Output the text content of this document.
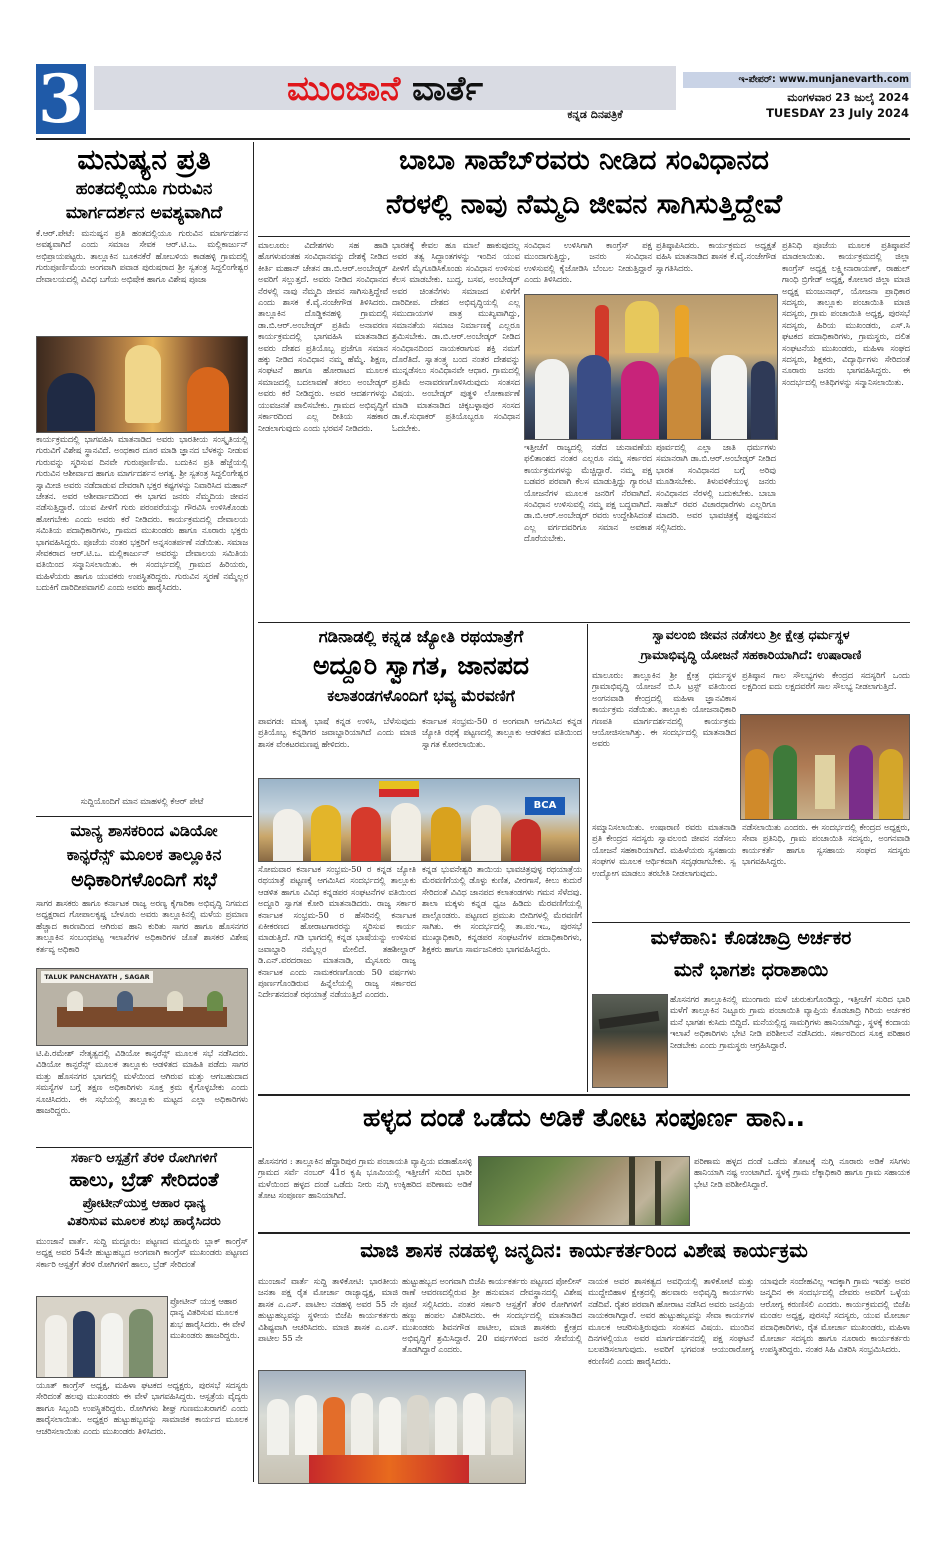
3	ಮುಂಜಾನೆ ವಾರ್ತೆ
ಕನ್ನಡ ದಿನಪತ್ರಿಕೆ
ಇ-ಪೇಪರ್: www.munjanevarth.com
ಮಂಗಳವಾರ 23 ಜುಲೈ 2024
TUESDAY 23 July 2024
ಮನುಷ್ಯನ ಪ್ರತಿ
ಹಂತದಲ್ಲಿಯೂ ಗುರುವಿನ
ಮಾರ್ಗದರ್ಶನ ಅವಶ್ಯವಾಗಿದೆ
ಕೆ.ಆರ್.ಪೇಟೆ: ಮನುಷ್ಯನ ಪ್ರತಿ ಹಂತದಲ್ಲಿಯೂ ಗುರುವಿನ ಮಾರ್ಗದರ್ಶನ ಅವಶ್ಯವಾಗಿದೆ ಎಂದು ಸಮಾಜ ಸೇವಕ ಆರ್.ಟಿ.ಒ. ಮಲ್ಲಿಕಾರ್ಜುನ್ ಅಭಿಪ್ರಾಯಪಟ್ಟರು. ತಾಲ್ಲೂಕಿನ ಬೂಕನಕೆರೆ ಹೋಬಳಿಯ ಕಾಡಹಳ್ಳಿ ಗ್ರಾಮದಲ್ಲಿ ಗುರುಪೂರ್ಣಿಮೆಯ ಅಂಗವಾಗಿ ಪವಾಡ ಪುರುಷರಾದ ಶ್ರೀ ಸ್ವತಂತ್ರ ಸಿದ್ದಲಿಂಗೇಶ್ವರ ದೇವಾಲಯದಲ್ಲಿ ವಿವಿಧ ಬಗೆಯ ಅಭಿಷೇಕ ಹಾಗೂ ವಿಶೇಷ ಪೂಜಾ
ಕಾರ್ಯಕ್ರಮದಲ್ಲಿ ಭಾಗವಹಿಸಿ ಮಾತನಾಡಿದ ಅವರು ಭಾರತೀಯ ಸಂಸ್ಕೃತಿಯಲ್ಲಿ ಗುರುವಿಗೆ ವಿಶೇಷ ಸ್ಥಾನವಿದೆ. ಅಂಧಕಾರ ದೂರ ಮಾಡಿ ಜ್ಞಾನದ ಬೆಳಕನ್ನು ನೀಡುವ ಗುರುವನ್ನು ಸ್ಮರಿಸುವ ದಿನವೇ ಗುರುಪೂರ್ಣಿಮೆ. ಬದುಕಿನ ಪ್ರತಿ ಹೆಜ್ಜೆಯಲ್ಲಿ ಗುರುವಿನ ಆಶೀರ್ವಾದ ಹಾಗೂ ಮಾರ್ಗದರ್ಶನ ಅಗತ್ಯ. ಶ್ರೀ ಸ್ವತಂತ್ರ ಸಿದ್ದಲಿಂಗೇಶ್ವರ ಸ್ವಾಮೀಜಿ ಅವರು ನಡೆದಾಡುವ ದೇವರಾಗಿ ಭಕ್ತರ ಕಷ್ಟಗಳನ್ನು ನಿವಾರಿಸಿದ ಮಹಾನ್ ಚೇತನ. ಅವರ ಆಶೀರ್ವಾದದಿಂದ ಈ ಭಾಗದ ಜನರು ನೆಮ್ಮದಿಯ ಜೀವನ ನಡೆಸುತ್ತಿದ್ದಾರೆ. ಯುವ ಪೀಳಿಗೆ ಗುರು ಪರಂಪರೆಯನ್ನು ಗೌರವಿಸಿ ಉಳಿಸಿಕೊಂಡು ಹೋಗಬೇಕು ಎಂದು ಅವರು ಕರೆ ನೀಡಿದರು. ಕಾರ್ಯಕ್ರಮದಲ್ಲಿ ದೇವಾಲಯ ಸಮಿತಿಯ ಪದಾಧಿಕಾರಿಗಳು, ಗ್ರಾಮದ ಮುಖಂಡರು ಹಾಗೂ ನೂರಾರು ಭಕ್ತರು ಭಾಗವಹಿಸಿದ್ದರು. ಪೂಜೆಯ ನಂತರ ಭಕ್ತರಿಗೆ ಅನ್ನಸಂತರ್ಪಣೆ ನಡೆಯಿತು. ಸಮಾಜ ಸೇವಕರಾದ ಆರ್.ಟಿ.ಒ. ಮಲ್ಲಿಕಾರ್ಜುನ್ ಅವರನ್ನು ದೇವಾಲಯ ಸಮಿತಿಯ ವತಿಯಿಂದ ಸನ್ಮಾನಿಸಲಾಯಿತು. ಈ ಸಂದರ್ಭದಲ್ಲಿ ಗ್ರಾಮದ ಹಿರಿಯರು, ಮಹಿಳೆಯರು ಹಾಗೂ ಯುವಕರು ಉಪಸ್ಥಿತರಿದ್ದರು. ಗುರುವಿನ ಸ್ಮರಣೆ ನಮ್ಮೆಲ್ಲರ ಬದುಕಿಗೆ ದಾರಿದೀಪವಾಗಲಿ ಎಂದು ಅವರು ಹಾರೈಸಿದರು.
ಸುದ್ದಿಯೊಂದಿಗೆ ಮಾನ ಮಾಹಳಲ್ಲಿ ಕೆಆರ್ ಪೇಟೆ
ಮಾನ್ಯ ಶಾಸಕರಿಂದ ವಿಡಿಯೋ
ಕಾನ್ಫರೆನ್ಸ್ ಮೂಲಕ ತಾಲ್ಲೂಕಿನ
ಅಧಿಕಾರಿಗಳೊಂದಿಗೆ ಸಭೆ
ಸಾಗರ ಶಾಸಕರು ಹಾಗೂ ಕರ್ನಾಟಕ ರಾಜ್ಯ ಅರಣ್ಯ ಕೈಗಾರಿಕಾ ಅಭಿವೃದ್ಧಿ ನಿಗಮದ ಅಧ್ಯಕ್ಷರಾದ ಗೋಪಾಲಕೃಷ್ಣ ಬೇಳೂರು ಅವರು ತಾಲ್ಲೂಕಿನಲ್ಲಿ ಮಳೆಯ ಪ್ರಮಾಣ ಹೆಚ್ಚಾದ ಕಾರಣದಿಂದ ಆಗಿರುವ ಹಾನಿ ಕುರಿತು ಸಾಗರ ಹಾಗೂ ಹೊಸನಗರ ತಾಲ್ಲೂಕಿನ ಸಂಬಂಧಪಟ್ಟ ಇಲಾಖೆಗಳ ಅಧಿಕಾರಿಗಳ ಜೊತೆ ಶಾಸಕರ ವಿಶೇಷ ಕರ್ತವ್ಯ ಅಧಿಕಾರಿ
TALUK PANCHAYATH , SAGAR
ಟಿ.ಪಿ.ರಮೇಶ್ ನೇತೃತ್ವದಲ್ಲಿ ವಿಡಿಯೋ ಕಾನ್ಫರೆನ್ಸ್ ಮೂಲಕ ಸಭೆ ನಡೆಸಿದರು. ವಿಡಿಯೋ ಕಾನ್ಫರೆನ್ಸ್ ಮೂಲಕ ತಾಲ್ಲೂಕು ಆಡಳಿತದ ಮಾಹಿತಿ ಪಡೆದು ಸಾಗರ ಮತ್ತು ಹೊಸನಗರ ಭಾಗದಲ್ಲಿ ಮಳೆಯಿಂದ ಆಗಿರುವ ಮತ್ತು ಆಗಬಹುದಾದ ಸಮಸ್ಯೆಗಳ ಬಗ್ಗೆ ತಕ್ಷಣ ಅಧಿಕಾರಿಗಳು ಸೂಕ್ತ ಕ್ರಮ ಕೈಗೊಳ್ಳಬೇಕು ಎಂದು ಸೂಚಿಸಿದರು. ಈ ಸಭೆಯಲ್ಲಿ ತಾಲ್ಲೂಕು ಮಟ್ಟದ ಎಲ್ಲಾ ಅಧಿಕಾರಿಗಳು ಹಾಜರಿದ್ದರು.
ಸರ್ಕಾರಿ ಆಸ್ಪತ್ರೆಗೆ ತೆರಳಿ ರೋಗಿಗಳಿಗೆ
ಹಾಲು, ಬ್ರೆಡ್ ಸೇರಿದಂತೆ
ಪ್ರೋಟೀನ್‌ಯುಕ್ತ ಆಹಾರ ಧಾನ್ಯ
ವಿತರಿಸುವ ಮೂಲಕ ಶುಭ ಹಾರೈಸಿದರು
ಮುಂಜಾನೆ ವಾರ್ತೆ. ಸುದ್ದಿ ಮದ್ದೂರು: ಪಟ್ಟಣದ ಮದ್ದೂರು ಬ್ಲಾಕ್ ಕಾಂಗ್ರೆಸ್ ಅಧ್ಯಕ್ಷ ಅವರ 54ನೇ ಹುಟ್ಟುಹಬ್ಬದ ಅಂಗವಾಗಿ ಕಾಂಗ್ರೆಸ್ ಮುಖಂಡರು ಪಟ್ಟಣದ ಸರ್ಕಾರಿ ಆಸ್ಪತ್ರೆಗೆ ತೆರಳಿ ರೋಗಿಗಳಿಗೆ ಹಾಲು, ಬ್ರೆಡ್ ಸೇರಿದಂತೆ
ಪ್ರೋಟೀನ್ ಯುಕ್ತ ಆಹಾರ ಧಾನ್ಯ ವಿತರಿಸುವ ಮೂಲಕ ಶುಭ ಹಾರೈಸಿದರು. ಈ ವೇಳೆ ಮುಖಂಡರು ಹಾಜರಿದ್ದರು.
ಯೂತ್ ಕಾಂಗ್ರೆಸ್ ಅಧ್ಯಕ್ಷ, ಮಹಿಳಾ ಘಟಕದ ಅಧ್ಯಕ್ಷರು, ಪುರಸಭೆ ಸದಸ್ಯರು ಸೇರಿದಂತೆ ಹಲವು ಮುಖಂಡರು ಈ ವೇಳೆ ಭಾಗವಹಿಸಿದ್ದರು. ಆಸ್ಪತ್ರೆಯ ವೈದ್ಯರು ಹಾಗೂ ಸಿಬ್ಬಂದಿ ಉಪಸ್ಥಿತರಿದ್ದರು. ರೋಗಿಗಳು ಶೀಘ್ರ ಗುಣಮುಖರಾಗಲಿ ಎಂದು ಹಾರೈಸಲಾಯಿತು. ಅಧ್ಯಕ್ಷರ ಹುಟ್ಟುಹಬ್ಬವನ್ನು ಸಾಮಾಜಿಕ ಕಾರ್ಯದ ಮೂಲಕ ಆಚರಿಸಲಾಯಿತು ಎಂದು ಮುಖಂಡರು ತಿಳಿಸಿದರು.
ಬಾಬಾ ಸಾಹೆಬ್‌ರವರು ನೀಡಿದ ಸಂವಿಧಾನದ
ನೆರಳಲ್ಲಿ ನಾವು ನೆಮ್ಮದಿ ಜೀವನ ಸಾಗಿಸುತ್ತಿದ್ದೇವೆ
ಮಾಲೂರು: ವಿದೇಶಗಳು ಸಹ ಹಾಡಿ ಹೊಗಳುವಂತಹ ಸಂವಿಧಾನವನ್ನು ದೇಶಕ್ಕೆ ನೀಡಿದ ಕೀರ್ತಿ ಮಹಾನ್ ಚೇತನ ಡಾ.ಬಿ.ಆರ್.ಅಂಬೇಡ್ಕರ್ ಅವರಿಗೆ ಸಲ್ಲುತ್ತದೆ. ಅವರು ನೀಡಿದ ಸಂವಿಧಾನದ ನೆರಳಲ್ಲಿ ನಾವು ನೆಮ್ಮದಿ ಜೀವನ ಸಾಗಿಸುತ್ತಿದ್ದೇವೆ ಎಂದು ಶಾಸಕ ಕೆ.ವೈ.ನಂಜೇಗೌಡ ತಿಳಿಸಿದರು. ತಾಲ್ಲೂಕಿನ ದೊಡ್ಡಿಕನಹಳ್ಳಿ ಗ್ರಾಮದಲ್ಲಿ ಡಾ.ಬಿ.ಆರ್.ಅಂಬೇಡ್ಕರ್ ಪ್ರತಿಮೆ ಅನಾವರಣ ಕಾರ್ಯಕ್ರಮದಲ್ಲಿ ಭಾಗವಹಿಸಿ ಮಾತನಾಡಿದ ಅವರು ದೇಶದ ಪ್ರತಿಯೊಬ್ಬ ಪ್ರಜೆಗೂ ಸಮಾನ ಹಕ್ಕು ನೀಡಿದ ಸಂವಿಧಾನ ನಮ್ಮ ಹೆಮ್ಮೆ. ಶಿಕ್ಷಣ, ಸಂಘಟನೆ ಹಾಗೂ ಹೋರಾಟದ ಮೂಲಕ ಸಮಾಜದಲ್ಲಿ ಬದಲಾವಣೆ ತರಲು ಅಂಬೇಡ್ಕರ್ ಅವರು ಕರೆ ನೀಡಿದ್ದರು. ಅವರ ಆದರ್ಶಗಳನ್ನು ಯುವಜನತೆ ಪಾಲಿಸಬೇಕು. ಗ್ರಾಮದ ಅಭಿವೃದ್ಧಿಗೆ ಸರ್ಕಾರದಿಂದ ಎಲ್ಲ ರೀತಿಯ ಸಹಕಾರ ನೀಡಲಾಗುವುದು ಎಂದು ಭರವಸೆ ನೀಡಿದರು.
ಭಾರತಕ್ಕೆ ಕೇವಲ ಹೂ ಮಾಲೆ ಹಾಕುವುದಲ್ಲ ಅವರ ತತ್ವ ಸಿದ್ಧಾಂತಗಳನ್ನು ಇಂದಿನ ಯುವ ಪೀಳಿಗೆ ಮೈಗೂಡಿಸಿಕೊಂಡು ಸಂವಿಧಾನ ಉಳಿಸುವ ಕೆಲಸ ಮಾಡಬೇಕು. ಬುದ್ಧ, ಬಸವ, ಅಂಬೇಡ್ಕರ್ ಅವರ ಚಿಂತನೆಗಳು ಸಮಾಜದ ಏಳಿಗೆಗೆ ದಾರಿದೀಪ. ದೇಶದ ಅಭಿವೃದ್ಧಿಯಲ್ಲಿ ಎಲ್ಲ ಸಮುದಾಯಗಳ ಪಾತ್ರ ಮುಖ್ಯವಾಗಿದ್ದು, ಸಮಾನತೆಯ ಸಮಾಜ ನಿರ್ಮಾಣಕ್ಕೆ ಎಲ್ಲರೂ ಶ್ರಮಿಸಬೇಕು. ಡಾ.ಬಿ.ಆರ್.ಅಂಬೇಡ್ಕರ್ ನೀಡಿದ ಸಂವಿಧಾನದಿಂದ ನಾಯಕರಾಗುವ ಶಕ್ತಿ ನಮಗೆ ದೊರೆತಿದೆ. ಸ್ವಾತಂತ್ರ್ಯ ಬಂದ ನಂತರ ದೇಶವನ್ನು ಮುನ್ನಡೆಸಲು ಸಂವಿಧಾನವೇ ಆಧಾರ. ಗ್ರಾಮದಲ್ಲಿ ಪ್ರತಿಮೆ ಅನಾವರಣಗೊಳಿಸಿರುವುದು ಸಂತಸದ ವಿಷಯ. ಅಂಬೇಡ್ಕರ್ ಪುತ್ಥಳಿ ಲೋಕಾರ್ಪಣೆ ಮಾಡಿ ಮಾತನಾಡಿದ ಚಿಕ್ಕಬಳ್ಳಾಪುರ ಸಂಸದ ಡಾ.ಕೆ.ಸುಧಾಕರ್ ಪ್ರತಿಯೊಬ್ಬರೂ ಸಂವಿಧಾನ ಓದಬೇಕು.
ಸಂವಿಧಾನ ಉಳಿಸಿಗಾಗಿ ಕಾಂಗ್ರೆಸ್ ಪಕ್ಷ ಮುಂದಾಗುತ್ತಿದ್ದು, ಜನರು ಸಂವಿಧಾನ ಉಳಿಸುವಲ್ಲಿ ಕೈಜೋಡಿಸಿ ಬೆಂಬಲ ನೀಡುತ್ತಿದ್ದಾರೆ ಎಂದು ತಿಳಿಸಿದರು.
ಪ್ರತಿಷ್ಠಾಪಿಸಿದರು. ಕಾರ್ಯಕ್ರಮದ ಅಧ್ಯಕ್ಷತೆ ವಹಿಸಿ ಮಾತನಾಡಿದ ಶಾಸಕ ಕೆ.ವೈ.ನಂಜೇಗೌಡ ಸ್ವಾಗತಿಸಿದರು.
ಇತ್ತೀಚೆಗೆ ರಾಜ್ಯದಲ್ಲಿ ನಡೆದ ಚುನಾವಣೆಯ ಫಲಿತಾಂಶದ ನಂತರ ಎಲ್ಲರೂ ನಮ್ಮ ಸರ್ಕಾರದ ಕಾರ್ಯಕ್ರಮಗಳನ್ನು ಮೆಚ್ಚಿದ್ದಾರೆ. ನಮ್ಮ ಪಕ್ಷ ಬಡವರ ಪರವಾಗಿ ಕೆಲಸ ಮಾಡುತ್ತಿದ್ದು ಗ್ಯಾರಂಟಿ ಯೋಜನೆಗಳ ಮೂಲಕ ಜನರಿಗೆ ನೆರವಾಗಿದೆ. ಸಂವಿಧಾನ ಉಳಿಸುವಲ್ಲಿ ನಮ್ಮ ಪಕ್ಷ ಬದ್ಧವಾಗಿದೆ. ಡಾ.ಬಿ.ಆರ್.ಅಂಬೇಡ್ಕರ್ ರವರು ಉದ್ದೇಶಿಸಿದಂತೆ ಎಲ್ಲ ವರ್ಗದವರಿಗೂ ಸಮಾನ ಅವಕಾಶ ದೊರೆಯಬೇಕು.
ಪೂರ್ವದಲ್ಲಿ ಎಲ್ಲಾ ಜಾತಿ ಧರ್ಮಗಳು ಸಮಾನರಾಗಿ ಡಾ.ಬಿ.ಆರ್.ಅಂಬೇಡ್ಕರ್ ನೀಡಿದ ಭಾರತ ಸಂವಿಧಾನದ ಬಗ್ಗೆ ಅರಿವು ಮೂಡಿಸಬೇಕು. ತಿಳುವಳಿಕೆಯುಳ್ಳ ಜನರು ಸಂವಿಧಾನದ ನೆರಳಲ್ಲಿ ಬದುಕಬೇಕು. ಬಾಬಾ ಸಾಹೆಬ್ ರವರ ವಿಚಾರಧಾರೆಗಳು ಎಲ್ಲರಿಗೂ ಮಾದರಿ. ಅವರ ಭಾವಚಿತ್ರಕ್ಕೆ ಪುಷ್ಪನಮನ ಸಲ್ಲಿಸಿದರು.
ಪ್ರತಿನಿಧಿ ಪೂಜೆಯ ಮೂಲಕ ಪ್ರತಿಷ್ಠಾಪನೆ ಮಾಡಲಾಯಿತು. ಕಾರ್ಯಕ್ರಮದಲ್ಲಿ ಜಿಲ್ಲಾ ಕಾಂಗ್ರೆಸ್ ಅಧ್ಯಕ್ಷ ಲಕ್ಷ್ಮೀನಾರಾಯಣ್, ರಾಹುಲ್ ಗಾಂಧಿ ಬ್ರಿಗೇಡ್ ಅಧ್ಯಕ್ಷ, ಕೋಲಾರ ಜಿಲ್ಲಾ ಮಾಜಿ ಅಧ್ಯಕ್ಷ ಮಂಜುನಾಥ್, ಯೋಜನಾ ಪ್ರಾಧಿಕಾರ ಸದಸ್ಯರು, ತಾಲ್ಲೂಕು ಪಂಚಾಯಿತಿ ಮಾಜಿ ಸದಸ್ಯರು, ಗ್ರಾಮ ಪಂಚಾಯಿತಿ ಅಧ್ಯಕ್ಷ, ಪುರಸಭೆ ಸದಸ್ಯರು, ಹಿರಿಯ ಮುಖಂಡರು, ಎಸ್.ಸಿ ಘಟಕದ ಪದಾಧಿಕಾರಿಗಳು, ಗ್ರಾಮಸ್ಥರು, ದಲಿತ ಸಂಘಟನೆಯ ಮುಖಂಡರು, ಮಹಿಳಾ ಸಂಘದ ಸದಸ್ಯರು, ಶಿಕ್ಷಕರು, ವಿದ್ಯಾರ್ಥಿಗಳು ಸೇರಿದಂತೆ ನೂರಾರು ಜನರು ಭಾಗವಹಿಸಿದ್ದರು. ಈ ಸಂದರ್ಭದಲ್ಲಿ ಅತಿಥಿಗಳನ್ನು ಸನ್ಮಾನಿಸಲಾಯಿತು.
ಗಡಿನಾಡಲ್ಲಿ ಕನ್ನಡ ಜ್ಯೋತಿ ರಥಯಾತ್ರೆಗೆ
ಅದ್ದೂರಿ ಸ್ವಾಗತ, ಜಾನಪದ
ಕಲಾತಂಡಗಳೊಂದಿಗೆ ಭವ್ಯ ಮೆರವಣಿಗೆ
ಪಾವಗಡ: ಮಾತೃ ಭಾಷೆ ಕನ್ನಡ ಉಳಿಸಿ, ಬೆಳೆಸುವುದು ಪ್ರತಿಯೊಬ್ಬ ಕನ್ನಡಿಗರ ಜವಾಬ್ದಾರಿಯಾಗಿದೆ ಎಂದು ಮಾಜಿ ಶಾಸಕ ವೆಂಕಟರಮಣಪ್ಪ ಹೇಳಿದರು.
ಕರ್ನಾಟಕ ಸಂಭ್ರಮ-50 ರ ಅಂಗವಾಗಿ ಆಗಮಿಸಿದ ಕನ್ನಡ ಜ್ಯೋತಿ ರಥಕ್ಕೆ ಪಟ್ಟಣದಲ್ಲಿ ತಾಲ್ಲೂಕು ಆಡಳಿತದ ವತಿಯಿಂದ ಸ್ವಾಗತ ಕೋರಲಾಯಿತು.
BCA
ಸೋಮವಾರ ಕರ್ನಾಟಕ ಸಂಭ್ರಮ-50 ರ ಕನ್ನಡ ಜ್ಯೋತಿ ರಥಯಾತ್ರೆ ಪಟ್ಟಣಕ್ಕೆ ಆಗಮಿಸಿದ ಸಂದರ್ಭದಲ್ಲಿ ತಾಲ್ಲೂಕು ಆಡಳಿತ ಹಾಗೂ ವಿವಿಧ ಕನ್ನಡಪರ ಸಂಘಟನೆಗಳ ವತಿಯಿಂದ ಅದ್ದೂರಿ ಸ್ವಾಗತ ಕೋರಿ ಮಾತನಾಡಿದರು. ರಾಜ್ಯ ಸರ್ಕಾರ ಕರ್ನಾಟಕ ಸಂಭ್ರಮ-50 ರ ಹೆಸರಿನಲ್ಲಿ ಕರ್ನಾಟಕ ಏಕೀಕರಣದ ಹೋರಾಟಗಾರರನ್ನು ಸ್ಮರಿಸುವ ಕಾರ್ಯ ಮಾಡುತ್ತಿದೆ. ಗಡಿ ಭಾಗದಲ್ಲಿ ಕನ್ನಡ ಭಾಷೆಯನ್ನು ಉಳಿಸುವ ಜವಾಬ್ದಾರಿ ನಮ್ಮೆಲ್ಲರ ಮೇಲಿದೆ. ತಹಶೀಲ್ದಾರ್ ಡಿ.ಎನ್.ವರದರಾಜು ಮಾತನಾಡಿ, ಮೈಸೂರು ರಾಜ್ಯ ಕರ್ನಾಟಕ ಎಂದು ನಾಮಕರಣಗೊಂಡು 50 ವರ್ಷಗಳು ಪೂರ್ಣಗೊಂಡಿರುವ ಹಿನ್ನೆಲೆಯಲ್ಲಿ ರಾಜ್ಯ ಸರ್ಕಾರದ ನಿರ್ದೇಶನದಂತೆ ರಥಯಾತ್ರೆ ನಡೆಯುತ್ತಿದೆ ಎಂದರು.
ಕನ್ನಡ ಭುವನೇಶ್ವರಿ ತಾಯಿಯ ಭಾವಚಿತ್ರವುಳ್ಳ ರಥಯಾತ್ರೆಯ ಮೆರವಣಿಗೆಯಲ್ಲಿ ಡೊಳ್ಳು ಕುಣಿತ, ವೀರಗಾಸೆ, ಕೀಲು ಕುದುರೆ ಸೇರಿದಂತೆ ವಿವಿಧ ಜಾನಪದ ಕಲಾತಂಡಗಳು ಗಮನ ಸೆಳೆದವು. ಶಾಲಾ ಮಕ್ಕಳು ಕನ್ನಡ ಧ್ವಜ ಹಿಡಿದು ಮೆರವಣಿಗೆಯಲ್ಲಿ ಪಾಲ್ಗೊಂಡರು. ಪಟ್ಟಣದ ಪ್ರಮುಖ ಬೀದಿಗಳಲ್ಲಿ ಮೆರವಣಿಗೆ ಸಾಗಿತು. ಈ ಸಂದರ್ಭದಲ್ಲಿ ತಾ.ಪಂ.ಇಒ, ಪುರಸಭೆ ಮುಖ್ಯಾಧಿಕಾರಿ, ಕನ್ನಡಪರ ಸಂಘಟನೆಗಳ ಪದಾಧಿಕಾರಿಗಳು, ಶಿಕ್ಷಕರು ಹಾಗೂ ಸಾರ್ವಜನಿಕರು ಭಾಗವಹಿಸಿದ್ದರು.
ಸ್ವಾವಲಂಬಿ ಜೀವನ ನಡೆಸಲು ಶ್ರೀ ಕ್ಷೇತ್ರ ಧರ್ಮಸ್ಥಳ
ಗ್ರಾಮಾಭಿವೃದ್ಧಿ ಯೋಜನೆ ಸಹಕಾರಿಯಾಗಿದೆ: ಉಷಾರಾಣಿ
ಮಾಲೂರು: ತಾಲ್ಲೂಕಿನ ಶ್ರೀ ಕ್ಷೇತ್ರ ಧರ್ಮಸ್ಥಳ ಗ್ರಾಮಾಭಿವೃದ್ಧಿ ಯೋಜನೆ ಬಿ.ಸಿ ಟ್ರಸ್ಟ್ ವತಿಯಿಂದ ಅಂಗನವಾಡಿ ಕೇಂದ್ರದಲ್ಲಿ ಮಹಿಳಾ ಜ್ಞಾನವಿಕಾಸ ಕಾರ್ಯಕ್ರಮ ನಡೆಯಿತು. ತಾಲ್ಲೂಕು ಯೋಜನಾಧಿಕಾರಿ ಗಣಪತಿ ಮಾರ್ಗದರ್ಶನದಲ್ಲಿ ಕಾರ್ಯಕ್ರಮ ಆಯೋಜಿಸಲಾಗಿತ್ತು. ಈ ಸಂದರ್ಭದಲ್ಲಿ ಮಾತನಾಡಿದ ಅವರು
ಪ್ರತಿಷ್ಠಾನ ಗಾಲ ಸೌಲಭ್ಯಗಳು ಕೇಂದ್ರದ ಸದಸ್ಯರಿಗೆ ಒಂದು ಲಕ್ಷದಿಂದ ಐದು ಲಕ್ಷದವರೆಗೆ ಸಾಲ ಸೌಲಭ್ಯ ನೀಡಲಾಗುತ್ತಿದೆ.
ಸಮ್ಮಾನಿಸಲಾಯಿತು. ಉಷಾರಾಣಿ ರವರು ಮಾತನಾಡಿ ಪ್ರತಿ ಕೇಂದ್ರದ ಸದಸ್ಯರು ಸ್ವಾವಲಂಬಿ ಜೀವನ ನಡೆಸಲು ಯೋಜನೆ ಸಹಕಾರಿಯಾಗಿದೆ. ಮಹಿಳೆಯರು ಸ್ವಸಹಾಯ ಸಂಘಗಳ ಮೂಲಕ ಆರ್ಥಿಕವಾಗಿ ಸದೃಢರಾಗಬೇಕು. ಸ್ವ ಉದ್ಯೋಗ ಮಾಡಲು ತರಬೇತಿ ನೀಡಲಾಗುವುದು.
ನಡೆಸಲಾಯಿತು ಎಂದರು. ಈ ಸಂದರ್ಭದಲ್ಲಿ ಕೇಂದ್ರದ ಅಧ್ಯಕ್ಷರು, ಸೇವಾ ಪ್ರತಿನಿಧಿ, ಗ್ರಾಮ ಪಂಚಾಯಿತಿ ಸದಸ್ಯರು, ಅಂಗನವಾಡಿ ಕಾರ್ಯಕರ್ತೆ ಹಾಗೂ ಸ್ವಸಹಾಯ ಸಂಘದ ಸದಸ್ಯರು ಭಾಗವಹಿಸಿದ್ದರು.
ಮಳೆಹಾನಿ: ಕೊಡಚಾದ್ರಿ ಅರ್ಚಕರ
ಮನೆ ಭಾಗಶಃ ಧರಾಶಾಯಿ
ಹೊಸನಗರ ತಾಲ್ಲೂಕಿನಲ್ಲಿ ಮುಂಗಾರು ಮಳೆ ಚುರುಕುಗೊಂಡಿದ್ದು, ಇತ್ತೀಚೆಗೆ ಸುರಿದ ಭಾರಿ ಮಳೆಗೆ ತಾಲ್ಲೂಕಿನ ನಿಟ್ಟೂರು ಗ್ರಾಮ ಪಂಚಾಯಿತಿ ವ್ಯಾಪ್ತಿಯ ಕೊಡಚಾದ್ರಿ ಗಿರಿಯ ಅರ್ಚಕರ ಮನೆ ಭಾಗಶಃ ಕುಸಿದು ಬಿದ್ದಿದೆ. ಮನೆಯಲ್ಲಿದ್ದ ಸಾಮಗ್ರಿಗಳು ಹಾನಿಯಾಗಿದ್ದು, ಸ್ಥಳಕ್ಕೆ ಕಂದಾಯ ಇಲಾಖೆ ಅಧಿಕಾರಿಗಳು ಭೇಟಿ ನೀಡಿ ಪರಿಶೀಲನೆ ನಡೆಸಿದರು. ಸರ್ಕಾರದಿಂದ ಸೂಕ್ತ ಪರಿಹಾರ ನೀಡಬೇಕು ಎಂದು ಗ್ರಾಮಸ್ಥರು ಆಗ್ರಹಿಸಿದ್ದಾರೆ.
ಹಳ್ಳದ ದಂಡೆ ಒಡೆದು ಅಡಿಕೆ ತೋಟ ಸಂಪೂರ್ಣ ಹಾನಿ..
ಹೊಸನಗರ : ತಾಲ್ಲೂಕಿನ ಹೆದ್ದಾರಿಪುರ ಗ್ರಾಮ ಪಂಚಾಯತಿ ವ್ಯಾಪ್ತಿಯ ವಡಾಹೊಸಳ್ಳಿ ಗ್ರಾಮದ ಸರ್ವೆ ನಂಬರ್ 41ರ ಕೃಷಿ ಭೂಮಿಯಲ್ಲಿ ಇತ್ತೀಚೆಗೆ ಸುರಿದ ಭಾರೀ ಮಳೆಯಿಂದ ಹಳ್ಳದ ದಂಡೆ ಒಡೆದು ನೀರು ನುಗ್ಗಿ ಉಕ್ಕಿಹರಿದ ಪರಿಣಾಮ ಅಡಿಕೆ ತೋಟ ಸಂಪೂರ್ಣ ಹಾನಿಯಾಗಿದೆ.
ಪರಿಣಾಮ ಹಳ್ಳದ ದಂಡೆ ಒಡೆದು ತೋಟಕ್ಕೆ ನುಗ್ಗಿ ನೂರಾರು ಅಡಿಕೆ ಸಸಿಗಳು ಹಾನಿಯಾಗಿ ನಷ್ಟ ಉಂಟಾಗಿದೆ. ಸ್ಥಳಕ್ಕೆ ಗ್ರಾಮ ಲೆಕ್ಕಾಧಿಕಾರಿ ಹಾಗೂ ಗ್ರಾಮ ಸಹಾಯಕ ಭೇಟಿ ನೀಡಿ ಪರಿಶೀಲಿಸಿದ್ದಾರೆ.
ಮಾಜಿ ಶಾಸಕ ನಡಹಳ್ಳಿ ಜನ್ಮದಿನ: ಕಾರ್ಯಕರ್ತರಿಂದ ವಿಶೇಷ ಕಾರ್ಯಕ್ರಮ
ಮುಂಜಾನೆ ವಾರ್ತೆ ಸುದ್ದಿ ತಾಳಿಕೋಟಿ: ಭಾರತೀಯ ಜನತಾ ಪಕ್ಷ ರೈತ ಮೋರ್ಚಾ ರಾಜ್ಯಾಧ್ಯಕ್ಷ, ಮಾಜಿ ಶಾಸಕ ಎ.ಎಸ್. ಪಾಟೀಲ ನಡಹಳ್ಳಿ ಅವರ 55 ನೇ ಹುಟ್ಟುಹಬ್ಬವನ್ನು ಸ್ಥಳೀಯ ಬಿಜೆಪಿ ಕಾರ್ಯಕರ್ತರು ವಿಶಿಷ್ಟವಾಗಿ ಆಚರಿಸಿದರು. ಮಾಜಿ ಶಾಸಕ ಎ.ಎಸ್. ಪಾಟೀಲ 55 ನೇ
ಹುಟ್ಟುಹಬ್ಬದ ಅಂಗವಾಗಿ ಬಿಜೆಪಿ ಕಾರ್ಯಕರ್ತರು ಪಟ್ಟಣದ ಪೋಲೀಸ್ ಠಾಣೆ ಆವರಣದಲ್ಲಿರುವ ಶ್ರೀ ಹನುಮಾನ ದೇವಸ್ಥಾನದಲ್ಲಿ ವಿಶೇಷ ಪೂಜೆ ಸಲ್ಲಿಸಿದರು. ನಂತರ ಸರ್ಕಾರಿ ಆಸ್ಪತ್ರೆಗೆ ತೆರಳಿ ರೋಗಿಗಳಿಗೆ ಹಣ್ಣು ಹಂಪಲ ವಿತರಿಸಿದರು. ಈ ಸಂದರ್ಭದಲ್ಲಿ ಮಾತನಾಡಿದ ಮುಖಂಡರು ಶಿವನಗೌಡ ಪಾಟೀಲ, ಮಾಜಿ ಶಾಸಕರು ಕ್ಷೇತ್ರದ ಅಭಿವೃದ್ಧಿಗೆ ಶ್ರಮಿಸಿದ್ದಾರೆ. 20 ವರ್ಷಗಳಿಂದ ಜನರ ಸೇವೆಯಲ್ಲಿ ತೊಡಗಿದ್ದಾರೆ ಎಂದರು.
ನಾಯಕ ಅವರ ಶಾಸಕತ್ವದ ಅವಧಿಯಲ್ಲಿ ತಾಳಿಕೋಟೆ ಮತ್ತು ಮುದ್ದೇಬಿಹಾಳ ಕ್ಷೇತ್ರದಲ್ಲಿ ಹಲವಾರು ಅಭಿವೃದ್ಧಿ ಕಾರ್ಯಗಳು ನಡೆದಿವೆ. ರೈತರ ಪರವಾಗಿ ಹೋರಾಟ ನಡೆಸಿದ ಅವರು ಜನಪ್ರಿಯ ನಾಯಕರಾಗಿದ್ದಾರೆ. ಅವರ ಹುಟ್ಟುಹಬ್ಬವನ್ನು ಸೇವಾ ಕಾರ್ಯಗಳ ಮೂಲಕ ಆಚರಿಸುತ್ತಿರುವುದು ಸಂತಸದ ವಿಷಯ. ಮುಂದಿನ ದಿನಗಳಲ್ಲಿಯೂ ಅವರ ಮಾರ್ಗದರ್ಶನದಲ್ಲಿ ಪಕ್ಷ ಸಂಘಟನೆ ಬಲಪಡಿಸಲಾಗುವುದು. ಅವರಿಗೆ ಭಗವಂತ ಆಯುರಾರೋಗ್ಯ ಕರುಣಿಸಲಿ ಎಂದು ಹಾರೈಸಿದರು.
ಯಾವುದೇ ಸಂದೇಹವಿಲ್ಲ ಇದಕ್ಕಾಗಿ ಗ್ರಾಮ ಇವತ್ತು ಅವರ ಜನ್ಮದಿನ ಈ ಸಂದರ್ಭದಲ್ಲಿ ದೇವರು ಅವರಿಗೆ ಒಳ್ಳೆಯ ಆರೋಗ್ಯ ಕರುಣಿಸಲಿ ಎಂದರು. ಕಾರ್ಯಕ್ರಮದಲ್ಲಿ ಬಿಜೆಪಿ ಮಂಡಲ ಅಧ್ಯಕ್ಷ, ಪುರಸಭೆ ಸದಸ್ಯರು, ಯುವ ಮೋರ್ಚಾ ಪದಾಧಿಕಾರಿಗಳು, ರೈತ ಮೋರ್ಚಾ ಮುಖಂಡರು, ಮಹಿಳಾ ಮೋರ್ಚಾ ಸದಸ್ಯರು ಹಾಗೂ ನೂರಾರು ಕಾರ್ಯಕರ್ತರು ಉಪಸ್ಥಿತರಿದ್ದರು. ನಂತರ ಸಿಹಿ ವಿತರಿಸಿ ಸಂಭ್ರಮಿಸಿದರು.
